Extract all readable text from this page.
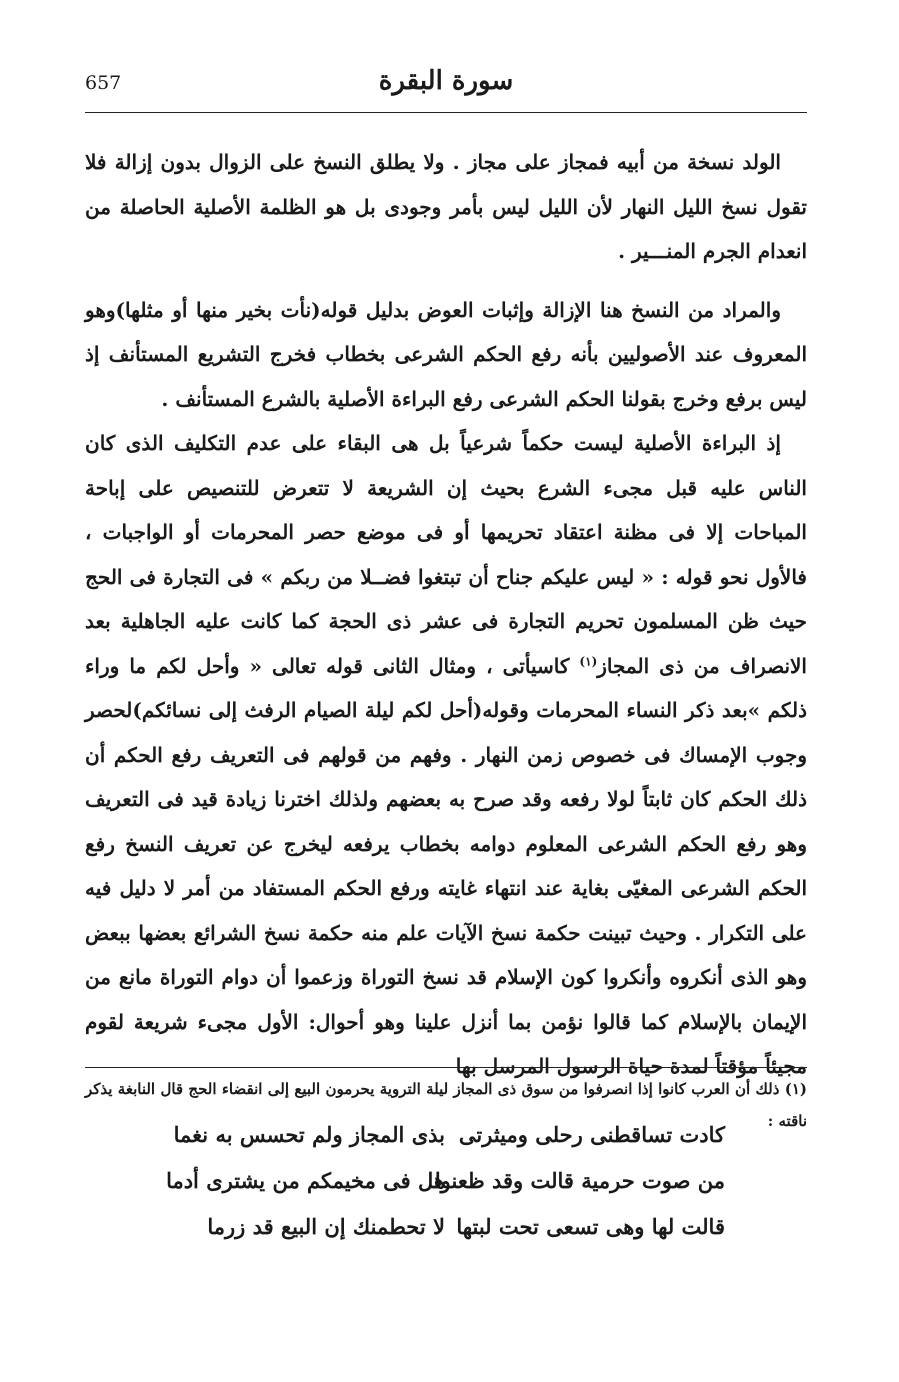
657	سورة البقرة

الولد نسخة من أبيه فمجاز على مجاز . ولا يطلق النسخ على الزوال بدون إزالة فلا تقول نسخ الليل النهار لأن الليل ليس بأمر وجودى بل هو الظلمة الأصلية الحاصلة من انعدام الجرم المنـــير .

والمراد من النسخ هنا الإزالة وإثبات العوض بدليل قوله(نأت بخير منها أو مثلها)وهو المعروف عند الأصوليين بأنه رفع الحكم الشرعى بخطاب فخرج التشريع المستأنف إذ ليس برفع وخرج بقولنا الحكم الشرعى رفع البراءة الأصلية بالشرع المستأنف .

إذ البراءة الأصلية ليست حكماً شرعياً بل هى البقاء على عدم التكليف الذى كان الناس عليه قبل مجىء الشرع بحيث إن الشريعة لا تتعرض للتنصيص على إباحة المباحات إلا فى مظنة اعتقاد تحريمها أو فى موضع حصر المحرمات أو الواجبات ، فالأول نحو قوله : « ليس عليكم جناح أن تبتغوا فضــلا من ربكم » فى التجارة فى الحج حيث ظن المسلمون تحريم التجارة فى عشر ذى الحجة كما كانت عليه الجاهلية بعد الانصراف من ذى المجاز$^{(١)}$ كاسيأتى ، ومثال الثانى قوله تعالى « وأحل لكم ما وراء ذلكم »بعد ذكر النساء المحرمات وقوله(أحل لكم ليلة الصيام الرفث إلى نسائكم)لحصر وجوب الإمساك فى خصوص زمن النهار . وفهم من قولهم فى التعريف رفع الحكم أن ذلك الحكم كان ثابتاً لولا رفعه وقد صرح به بعضهم ولذلك اخترنا زيادة قيد فى التعريف وهو رفع الحكم الشرعى المعلوم دوامه بخطاب يرفعه ليخرج عن تعريف النسخ رفع الحكم الشرعى المغيّى بغاية عند انتهاء غايته ورفع الحكم المستفاد من أمر لا دليل فيه على التكرار . وحيث تبينت حكمة نسخ الآيات علم منه حكمة نسخ الشرائع بعضها ببعض وهو الذى أنكروه وأنكروا كون الإسلام قد نسخ التوراة وزعموا أن دوام التوراة مانع من الإيمان بالإسلام كما قالوا نؤمن بما أنزل علينا وهو أحوال: الأول مجىء شريعة لقوم مجيئاً مؤقتاً لمدة حياة الرسول المرسل بها

(١) ذلك أن العرب كانوا إذا انصرفوا من سوق ذى المجاز ليلة التروية يحرمون البيع إلى انقضاء الحج قال النابغة يذكر ناقته :

كادت تساقطنى رحلى وميثرتى
بذى المجاز ولم تحسس به نغما
من صوت حرمية قالت وقد ظعنوا
هل فى مخيمكم من يشترى أدما
قالت لها وهى تسعى تحت لبتها
لا تحطمنك إن البيع قد زرما
